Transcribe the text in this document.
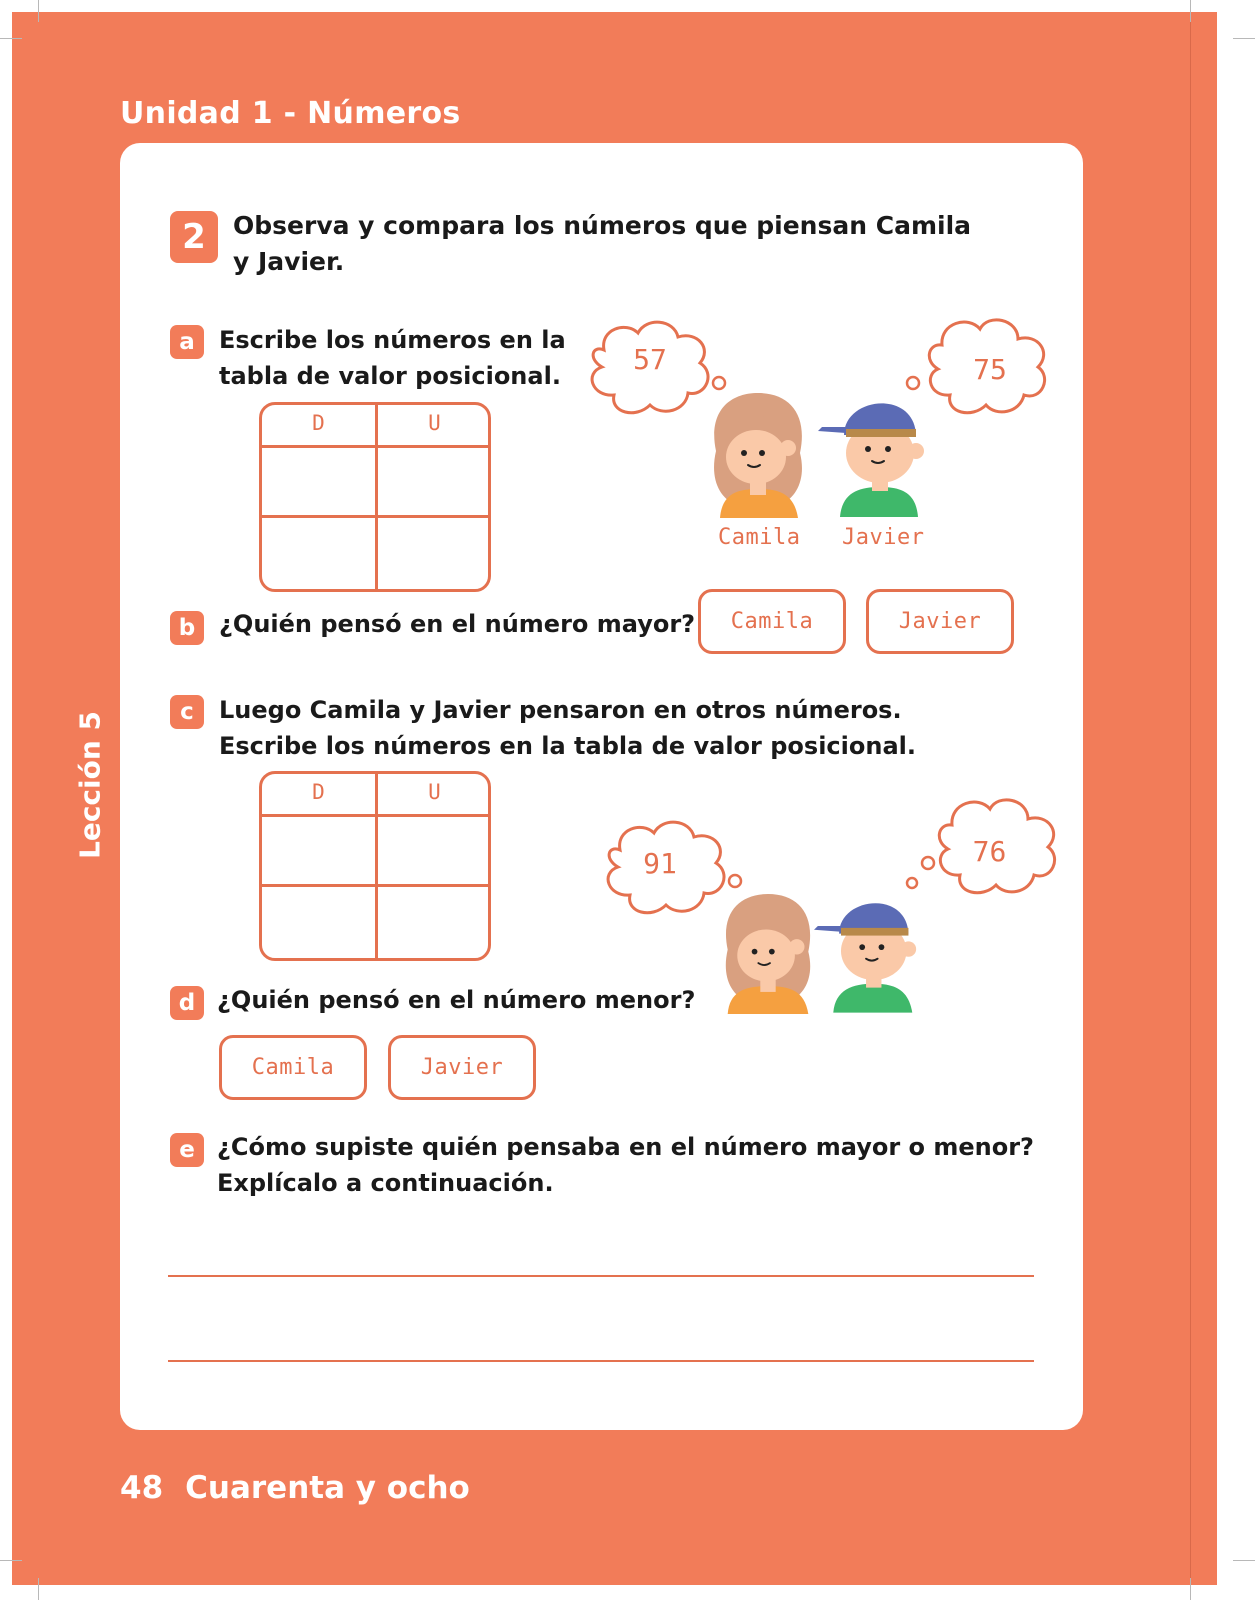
Unidad 1 - Números
Lección 5
48 Cuarenta y ocho
2	Observa y compara los números que piensan Camila
y Javier.

a	Escribe los números en la
tabla de valor posicional.

D	U
57	75
Camila Javier
b ¿Quién pensó en el número mayor?	Camila	Javier
c	Luego Camila y Javier pensaron en otros números.
Escribe los números en la tabla de valor posicional.

D	U
91	76
d ¿Quién pensó en el número menor?

Camila	Javier
e ¿Cómo supiste quién pensaba en el número mayor o menor?
Explícalo a continuación.
